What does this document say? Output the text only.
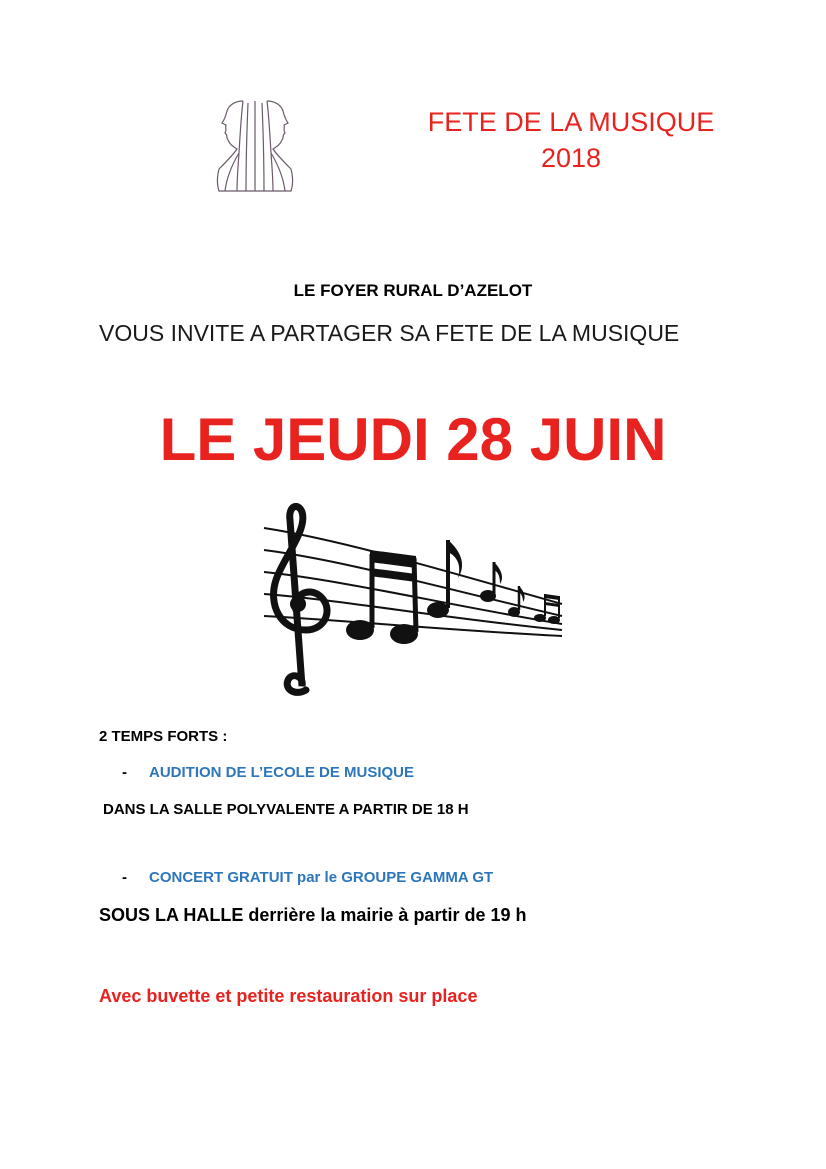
FETE DE LA MUSIQUE
2018
LE FOYER RURAL D’AZELOT
VOUS INVITE A PARTAGER SA FETE DE LA MUSIQUE
LE JEUDI 28 JUIN
2 TEMPS FORTS :
- AUDITION DE L’ECOLE DE MUSIQUE
DANS LA SALLE POLYVALENTE A PARTIR DE 18 H
- CONCERT GRATUIT par le GROUPE GAMMA GT
SOUS LA HALLE derrière la mairie à partir de 19 h
Avec buvette et petite restauration sur place
